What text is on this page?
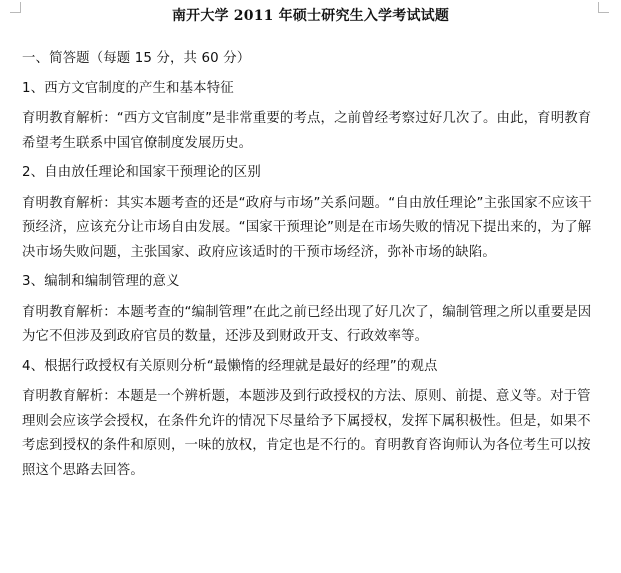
南开大学 2011 年硕士研究生入学考试试题

一、简答题（每题 15 分，共 60 分）

1、西方文官制度的产生和基本特征

育明教育解析：“西方文官制度”是非常重要的考点，之前曾经考察过好几次了。由此，育明教育希望考生联系中国官僚制度发展历史。

2、自由放任理论和国家干预理论的区别

育明教育解析：其实本题考查的还是“政府与市场”关系问题。“自由放任理论”主张国家不应该干预经济，应该充分让市场自由发展。“国家干预理论”则是在市场失败的情况下提出来的，为了解决市场失败问题，主张国家、政府应该适时的干预市场经济，弥补市场的缺陷。

3、编制和编制管理的意义

育明教育解析：本题考查的“编制管理”在此之前已经出现了好几次了，编制管理之所以重要是因为它不但涉及到政府官员的数量，还涉及到财政开支、行政效率等。

4、根据行政授权有关原则分析“最懒惰的经理就是最好的经理”的观点

育明教育解析：本题是一个辨析题，本题涉及到行政授权的方法、原则、前提、意义等。对于管理则会应该学会授权，在条件允许的情况下尽量给予下属授权，发挥下属积极性。但是，如果不考虑到授权的条件和原则，一味的放权，肯定也是不行的。育明教育咨询师认为各位考生可以按照这个思路去回答。
